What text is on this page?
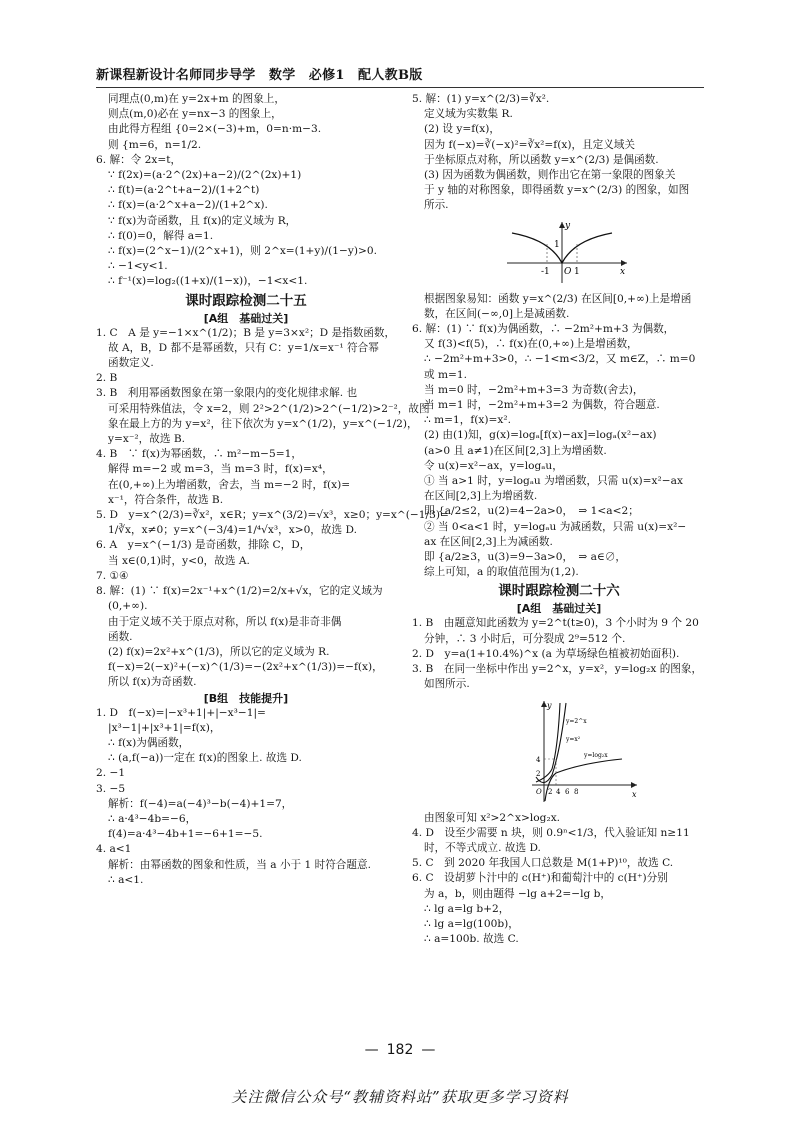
新课程新设计名师同步导学　数学　必修1　配人教B版
同理点(0,m)在 y=2x+m 的图象上，
则点(m,0)必在 y=nx−3 的图象上，
由此得方程组 {0=2×(−3)+m，0=n·m−3.
则 {m=6，n=1/2.
6. 解：令 2x=t，
∵ f(2x)=(a·2^(2x)+a−2)/(2^(2x)+1)
∴ f(t)=(a·2^t+a−2)/(1+2^t)
∴ f(x)=(a·2^x+a−2)/(1+2^x).
∵ f(x)为奇函数，且 f(x)的定义域为 R，
∴ f(0)=0，解得 a=1.
∴ f(x)=(2^x−1)/(2^x+1)，则 2^x=(1+y)/(1−y)>0.
∴ −1<y<1.
∴ f⁻¹(x)=log₂((1+x)/(1−x))，−1<x<1.
课时跟踪检测二十五
[A组　基础过关]
1. C　A 是 y=−1×x^(1/2)；B 是 y=3×x²；D 是指数函数，
故 A，B，D 都不是幂函数，只有 C：y=1/x=x⁻¹ 符合幂
函数定义.
2. B
3. B　利用幂函数图象在第一象限内的变化规律求解. 也
可采用特殊值法，令 x=2，则 2²>2^(1/2)>2^(−1/2)>2⁻²，故图
象在最上方的为 y=x²，往下依次为 y=x^(1/2)，y=x^(−1/2)，
y=x⁻²，故选 B.
4. B　∵ f(x)为幂函数，∴ m²−m−5=1，
解得 m=−2 或 m=3，当 m=3 时，f(x)=x⁴，
在(0,+∞)上为增函数，舍去，当 m=−2 时，f(x)=
x⁻¹，符合条件，故选 B.
5. D　y=x^(2/3)=∛x²，x∈R；y=x^(3/2)=√x³，x≥0；y=x^(−1/3)=
1/∛x，x≠0；y=x^(−3/4)=1/⁴√x³，x>0，故选 D.
6. A　y=x^(−1/3) 是奇函数，排除 C，D，
当 x∈(0,1)时，y<0，故选 A.
7. ①④
8. 解：(1) ∵ f(x)=2x⁻¹+x^(1/2)=2/x+√x，它的定义域为
(0,+∞).
由于定义域不关于原点对称，所以 f(x)是非奇非偶
函数.
(2) f(x)=2x²+x^(1/3)，所以它的定义域为 R.
f(−x)=2(−x)²+(−x)^(1/3)=−(2x²+x^(1/3))=−f(x)，
所以 f(x)为奇函数.
[B组　技能提升]
1. D　f(−x)=|−x³+1|+|−x³−1|=
|x³−1|+|x³+1|=f(x)，
∴ f(x)为偶函数，
∴ (a,f(−a))一定在 f(x)的图象上. 故选 D.
2. −1
3. −5
解析：f(−4)=a(−4)³−b(−4)+1=7，
∴ a·4³−4b=−6，
f(4)=a·4³−4b+1=−6+1=−5.
4. a<1
解析：由幂函数的图象和性质，当 a 小于 1 时符合题意.
∴ a<1.
5. 解：(1) y=x^(2/3)=∛x².
定义域为实数集 R.
(2) 设 y=f(x)，
因为 f(−x)=∛(−x)²=∛x²=f(x)，且定义域关
于坐标原点对称，所以函数 y=x^(2/3) 是偶函数.
(3) 因为函数为偶函数，则作出它在第一象限的图象关
于 y 轴的对称图象，即得函数 y=x^(2/3) 的图象，如图
所示.
y
x
O
-1	1
1
根据图象易知：函数 y=x^(2/3) 在区间[0,+∞)上是增函
数，在区间(−∞,0]上是减函数.
6. 解：(1) ∵ f(x)为偶函数，∴ −2m²+m+3 为偶数，
又 f(3)<f(5)，∴ f(x)在(0,+∞)上是增函数，
∴ −2m²+m+3>0，∴ −1<m<3/2，又 m∈Z，∴ m=0
或 m=1.
当 m=0 时，−2m²+m+3=3 为奇数(舍去)，
当 m=1 时，−2m²+m+3=2 为偶数，符合题意.
∴ m=1，f(x)=x².
(2) 由(1)知，g(x)=logₐ[f(x)−ax]=logₐ(x²−ax)
(a>0 且 a≠1)在区间[2,3]上为增函数.
令 u(x)=x²−ax，y=logₐu，
① 当 a>1 时，y=logₐu 为增函数，只需 u(x)=x²−ax
在区间[2,3]上为增函数.
即 {a/2≤2，u(2)=4−2a>0，　⇒ 1<a<2；
② 当 0<a<1 时，y=logₐu 为减函数，只需 u(x)=x²−
ax 在区间[2,3]上为减函数.
即 {a/2≥3，u(3)=9−3a>0，　⇒ a∈∅，
综上可知，a 的取值范围为(1,2).
课时跟踪检测二十六
[A组　基础过关]
1. B　由题意知此函数为 y=2^t(t≥0)，3 个小时为 9 个 20
分钟，∴ 3 小时后，可分裂成 2⁹=512 个.
2. D　y=a(1+10.4%)^x (a 为草场绿色植被初始面积).
3. B　在同一坐标中作出 y=2^x，y=x²，y=log₂x 的图象，
如图所示.
y
x
O
y=2^x
y=x²
y=log₂x
4
2
2 4 6 8
由图象可知 x²>2^x>log₂x.
4. D　设至少需要 n 块，则 0.9ⁿ<1/3，代入验证知 n≥11
时，不等式成立. 故选 D.
5. C　到 2020 年我国人口总数是 M(1+P)¹⁰，故选 C.
6. C　设胡萝卜汁中的 c(H⁺)和葡萄汁中的 c(H⁺)分别
为 a，b，则由题得 −lg a+2=−lg b，
∴ lg a=lg b+2，
∴ lg a=lg(100b)，
∴ a=100b. 故选 C.
— 182 —
关注微信公众号“教辅资料站”获取更多学习资料
